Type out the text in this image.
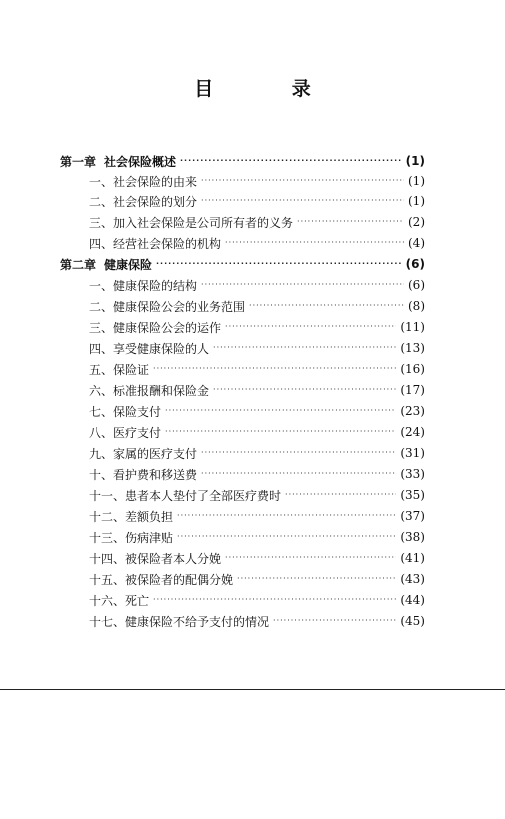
目 录
第一章 社会保险概述 ·····	(1)
一、 社会保险的由来 ·····	(1)
二、 社会保险的划分 ·····	(1)
三、 加入社会保险是公司所有者的义务 ·····	(2)
四、 经营社会保险的机构 ·····	(4)
第二章 健康保险 ·····	(6)
一、 健康保险的结构 ·····	(6)
二、 健康保险公会的业务范围 ·····	(8)
三、 健康保险公会的运作 ·····	(11)
四、 享受健康保险的人 ·····	(13)
五、 保险证 ·····	(16)
六、 标准报酬和保险金 ·····	(17)
七、 保险支付 ·····	(23)
八、 医疗支付 ·····	(24)
九、 家属的医疗支付 ·····	(31)
十、 看护费和移送费 ·····	(33)
十一、 患者本人垫付了全部医疗费时 ·····	(35)
十二、 差额负担 ·····	(37)
十三、 伤病津贴 ·····	(38)
十四、 被保险者本人分娩 ·····	(41)
十五、 被保险者的配偶分娩 ·····	(43)
十六、 死亡 ·····	(44)
十七、 健康保险不给予支付的情况 ·····	(45)
